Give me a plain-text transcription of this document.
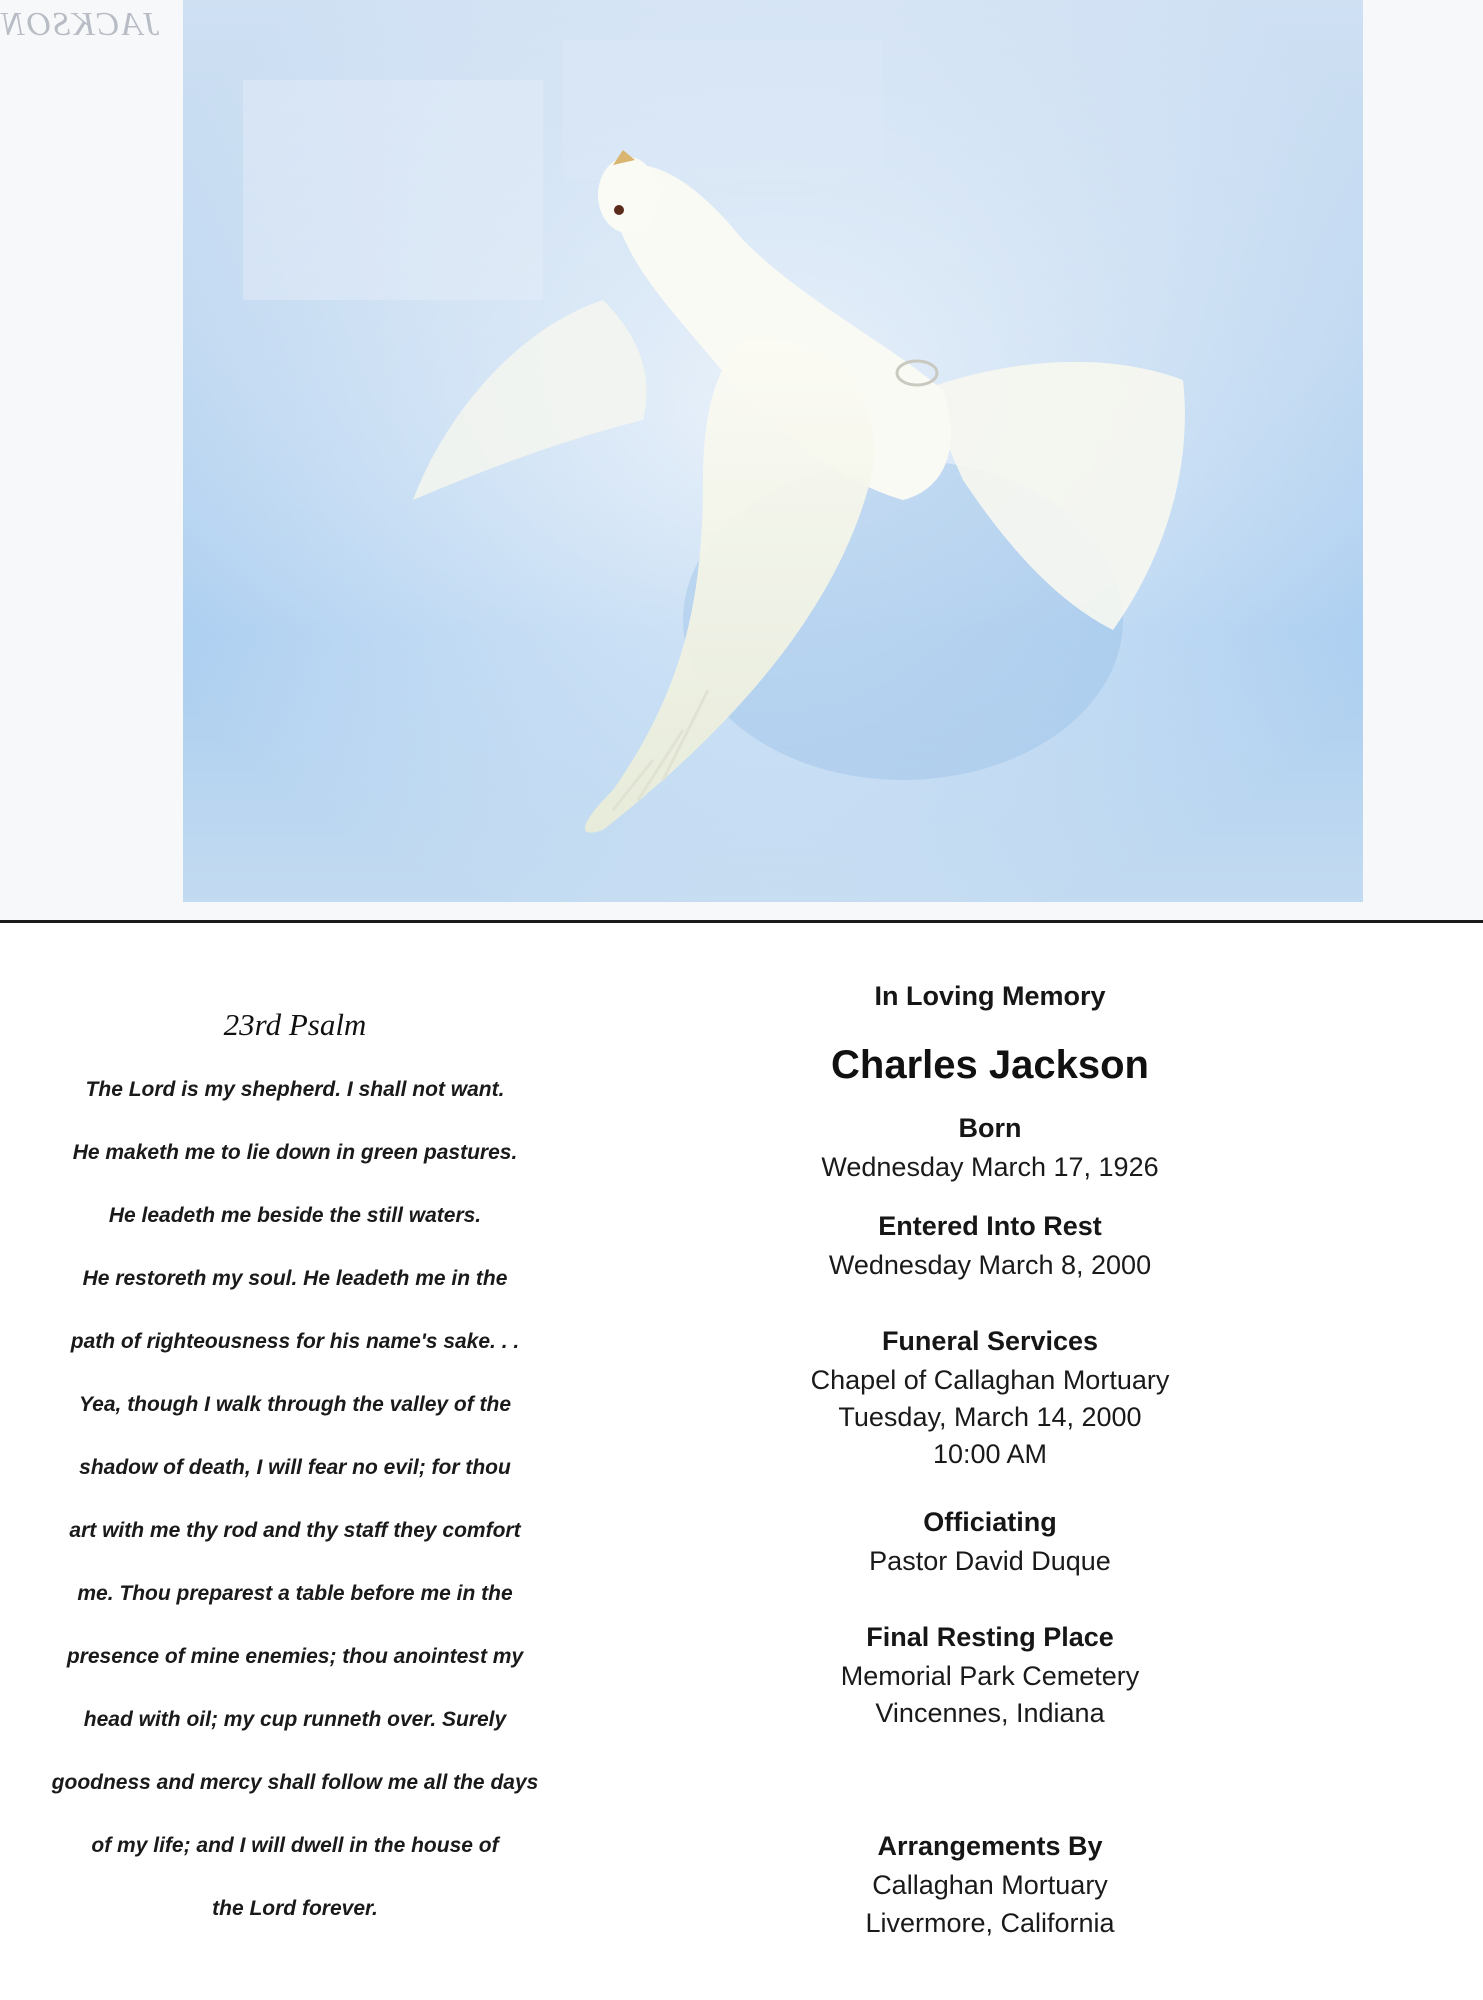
JACKSON
23rd Psalm
The Lord is my shepherd. I shall not want.
He maketh me to lie down in green pastures.
He leadeth me beside the still waters.
He restoreth my soul. He leadeth me in the
path of righteousness for his name's sake. . .
Yea, though I walk through the valley of the
shadow of death, I will fear no evil; for thou
art with me thy rod and thy staff they comfort
me. Thou preparest a table before me in the
presence of mine enemies; thou anointest my
head with oil; my cup runneth over. Surely
goodness and mercy shall follow me all the days
of my life; and I will dwell in the house of
the Lord forever.
In Loving Memory
Charles Jackson
Born
Wednesday March 17, 1926
Entered Into Rest
Wednesday March 8, 2000
Funeral Services
Chapel of Callaghan Mortuary
Tuesday, March 14, 2000
10:00 AM
Officiating
Pastor David Duque
Final Resting Place
Memorial Park Cemetery
Vincennes, Indiana
Arrangements By
Callaghan Mortuary
Livermore, California
